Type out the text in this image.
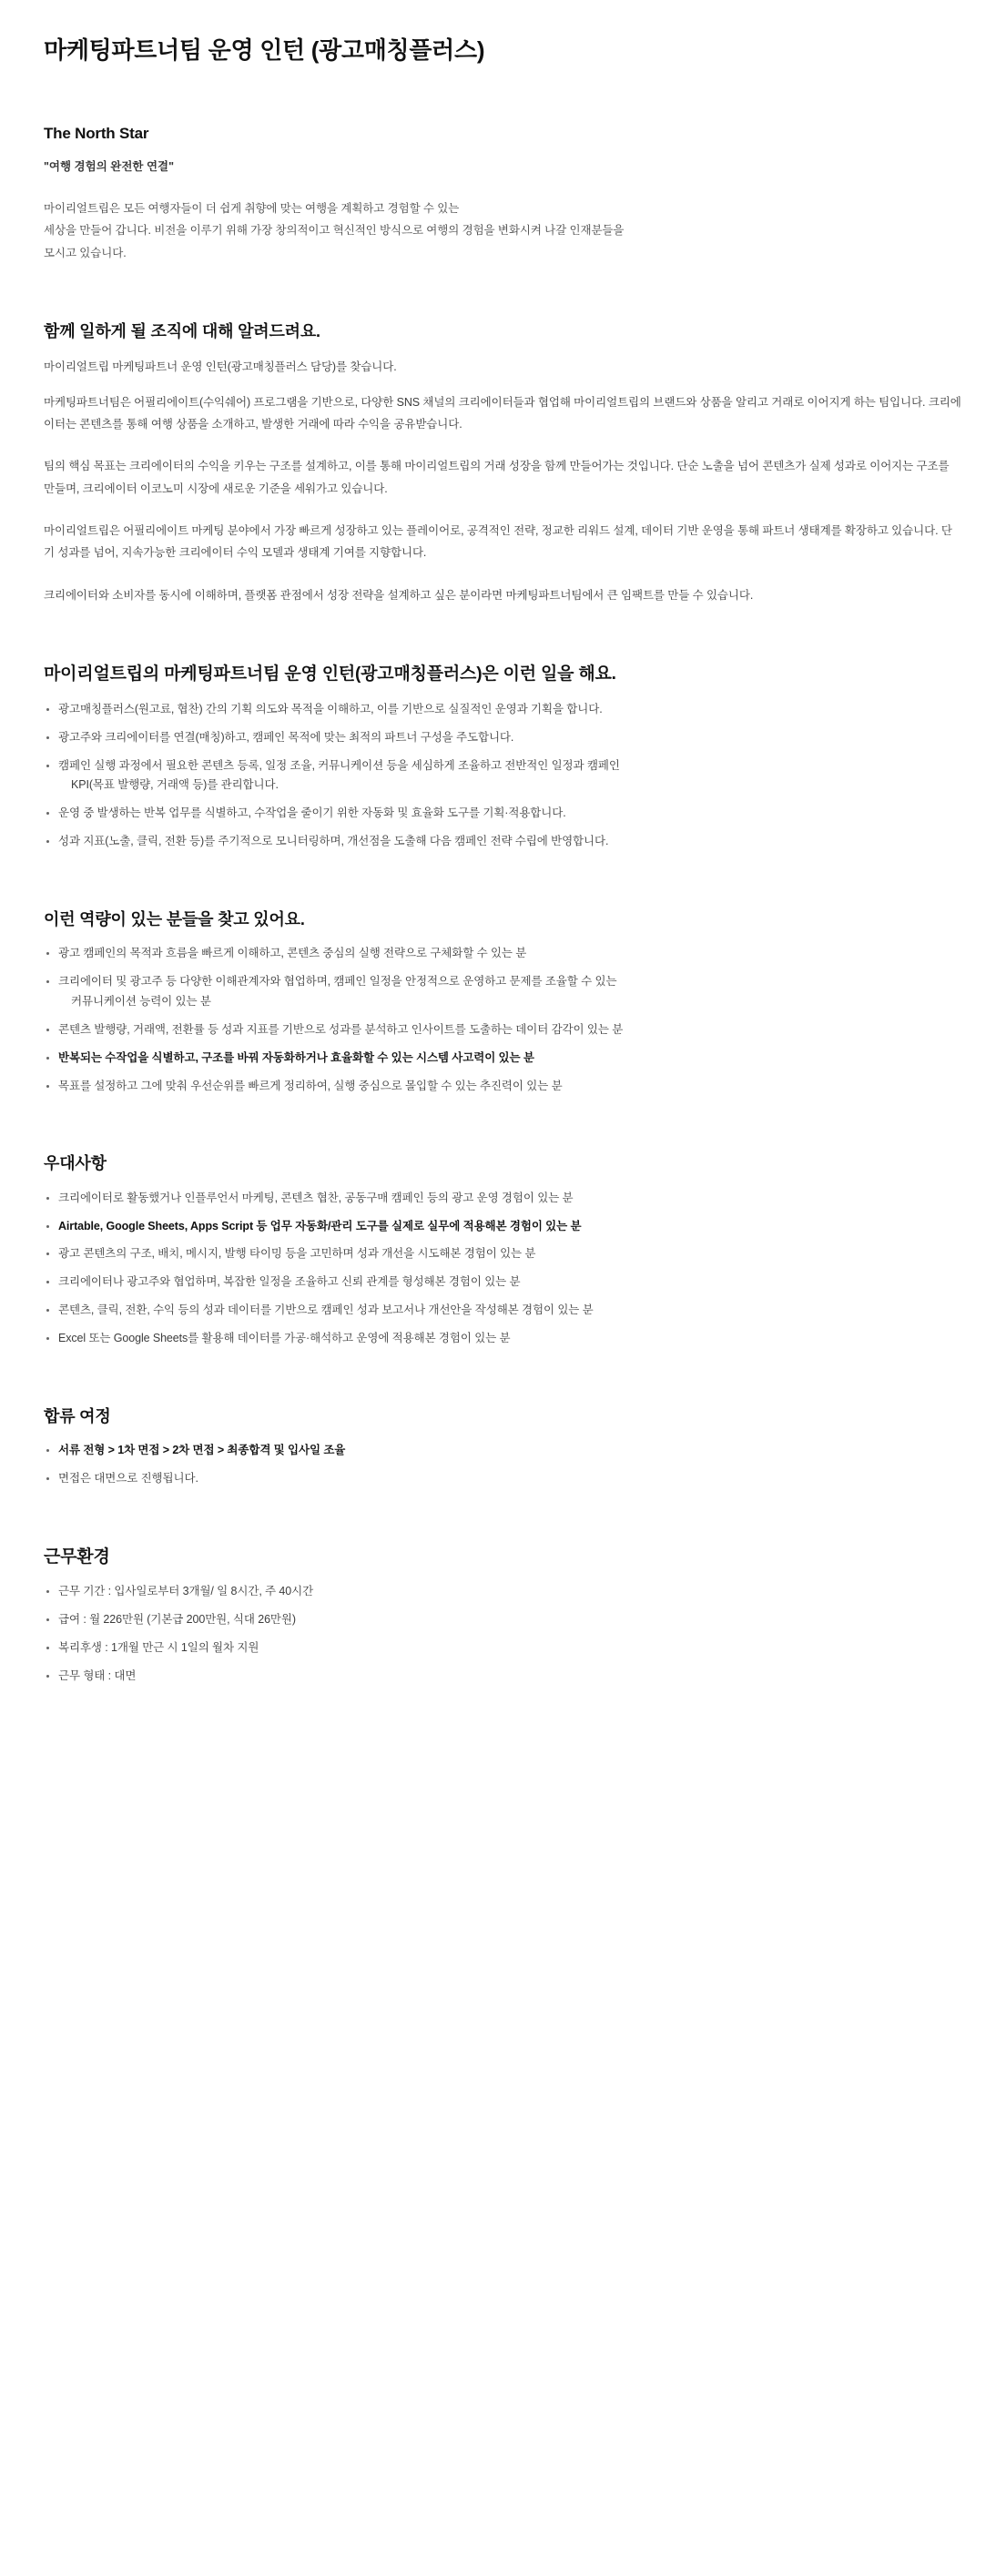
마케팅파트너팀 운영 인턴 (광고매칭플러스)
The North Star
"여행 경험의 완전한 연결"

마이리얼트립은 모든 여행자들이 더 쉽게 취향에 맞는 여행을 계획하고 경험할 수 있는
세상을 만들어 갑니다. 비전을 이루기 위해 가장 창의적이고 혁신적인 방식으로 여행의 경험을 변화시켜 나갈 인재분들을
모시고 있습니다.

함께 일하게 될 조직에 대해 알려드려요.

마이리얼트립 마케팅파트너 운영 인턴(광고매칭플러스 담당)를 찾습니다.

마케팅파트너팀은 어필리에이트(수익쉐어) 프로그램을 기반으로, 다양한 SNS 채널의 크리에이터들과 협업해 마이리얼트립의 브랜드와 상품을 알리고 거래로 이어지게 하는 팀입니다. 크리에이터는 콘텐츠를 통해 여행 상품을 소개하고, 발생한 거래에 따라 수익을 공유받습니다.

팀의 핵심 목표는 크리에이터의 수익을 키우는 구조를 설계하고, 이를 통해 마이리얼트립의 거래 성장을 함께 만들어가는 것입니다. 단순 노출을 넘어 콘텐츠가 실제 성과로 이어지는 구조를 만들며, 크리에이터 이코노미 시장에 새로운 기준을 세워가고 있습니다.

마이리얼트립은 어필리에이트 마케팅 분야에서 가장 빠르게 성장하고 있는 플레이어로, 공격적인 전략, 정교한 리워드 설계, 데이터 기반 운영을 통해 파트너 생태계를 확장하고 있습니다. 단기 성과를 넘어, 지속가능한 크리에이터 수익 모델과 생태계 기여를 지향합니다.

크리에이터와 소비자를 동시에 이해하며, 플랫폼 관점에서 성장 전략을 설계하고 싶은 분이라면 마케팅파트너팀에서 큰 임팩트를 만들 수 있습니다.

마이리얼트립의 마케팅파트너팀 운영 인턴(광고매칭플러스)은 이런 일을 해요.
광고매칭플러스(원고료, 협찬) 간의 기획 의도와 목적을 이해하고, 이를 기반으로 실질적인 운영과 기획을 합니다.
광고주와 크리에이터를 연결(매칭)하고, 캠페인 목적에 맞는 최적의 파트너 구성을 주도합니다.
캠페인 실행 과정에서 필요한 콘텐츠 등록, 일정 조율, 커뮤니케이션 등을 세심하게 조율하고 전반적인 일정과 캠페인
KPI(목표 발행량, 거래액 등)를 관리합니다.
운영 중 발생하는 반복 업무를 식별하고, 수작업을 줄이기 위한 자동화 및 효율화 도구를 기획·적용합니다.
성과 지표(노출, 클릭, 전환 등)를 주기적으로 모니터링하며, 개선점을 도출해 다음 캠페인 전략 수립에 반영합니다.
이런 역량이 있는 분들을 찾고 있어요.
광고 캠페인의 목적과 흐름을 빠르게 이해하고, 콘텐츠 중심의 실행 전략으로 구체화할 수 있는 분
크리에이터 및 광고주 등 다양한 이해관계자와 협업하며, 캠페인 일정을 안정적으로 운영하고 문제를 조율할 수 있는
커뮤니케이션 능력이 있는 분
콘텐츠 발행량, 거래액, 전환률 등 성과 지표를 기반으로 성과를 분석하고 인사이트를 도출하는 데이터 감각이 있는 분
반복되는 수작업을 식별하고, 구조를 바꿔 자동화하거나 효율화할 수 있는 시스템 사고력이 있는 분
목표를 설정하고 그에 맞춰 우선순위를 빠르게 정리하여, 실행 중심으로 몰입할 수 있는 추진력이 있는 분
우대사항
크리에이터로 활동했거나 인플루언서 마케팅, 콘텐츠 협찬, 공동구매 캠페인 등의 광고 운영 경험이 있는 분
Airtable, Google Sheets, Apps Script 등 업무 자동화/관리 도구를 실제로 실무에 적용해본 경험이 있는 분
광고 콘텐츠의 구조, 배치, 메시지, 발행 타이밍 등을 고민하며 성과 개선을 시도해본 경험이 있는 분
크리에이터나 광고주와 협업하며, 복잡한 일정을 조율하고 신뢰 관계를 형성해본 경험이 있는 분
콘텐츠, 클릭, 전환, 수익 등의 성과 데이터를 기반으로 캠페인 성과 보고서나 개선안을 작성해본 경험이 있는 분
Excel 또는 Google Sheets를 활용해 데이터를 가공·해석하고 운영에 적용해본 경험이 있는 분
합류 여정
서류 전형 > 1차 면접 > 2차 면접 > 최종합격 및 입사일 조율
면접은 대면으로 진행됩니다.
근무환경
근무 기간 : 입사일로부터 3개월/ 일 8시간, 주 40시간
급여 : 월 226만원 (기본급 200만원, 식대 26만원)
복리후생 : 1개월 만근 시 1일의 월차 지원
근무 형태 : 대면
